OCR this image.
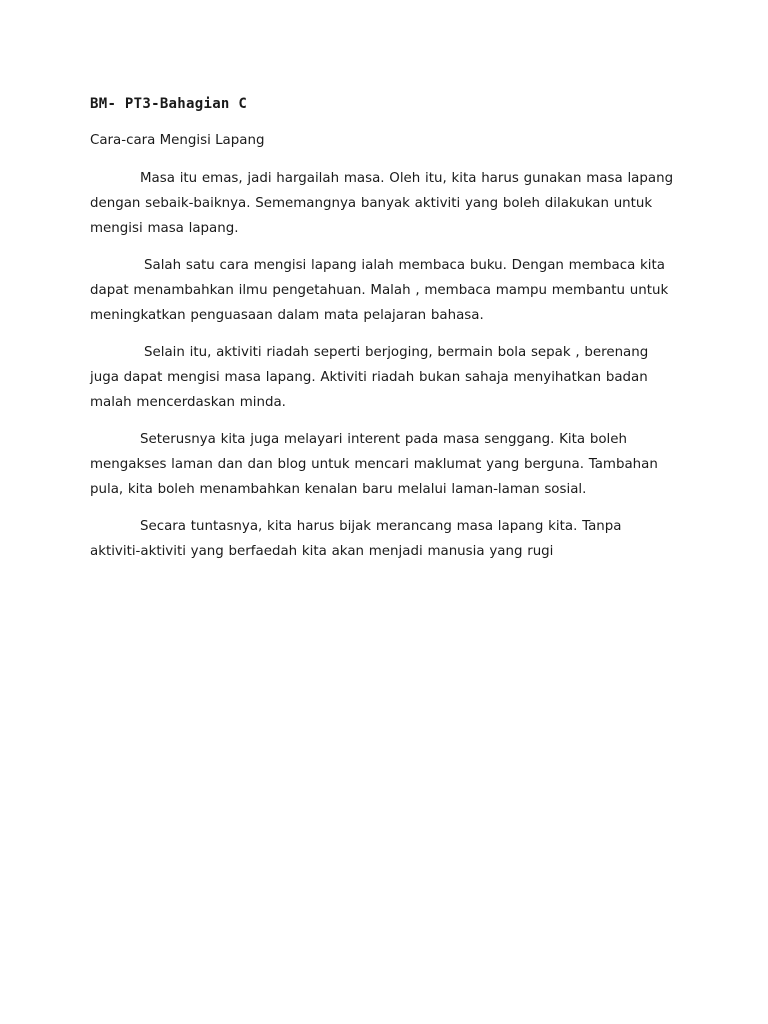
BM- PT3-Bahagian C
Cara-cara Mengisi Lapang
Masa itu emas, jadi hargailah masa. Oleh itu, kita harus gunakan masa lapang
dengan sebaik-baiknya. Sememangnya banyak aktiviti yang boleh dilakukan untuk
mengisi masa lapang.
Salah satu cara mengisi lapang ialah membaca buku. Dengan membaca kita
dapat menambahkan ilmu pengetahuan. Malah , membaca mampu membantu untuk
meningkatkan penguasaan dalam mata pelajaran bahasa.
Selain itu, aktiviti riadah seperti berjoging, bermain bola sepak , berenang
juga dapat mengisi masa lapang. Aktiviti riadah bukan sahaja menyihatkan badan
malah mencerdaskan minda.
Seterusnya kita juga melayari interent pada masa senggang. Kita boleh
mengakses laman dan dan blog untuk mencari maklumat yang berguna. Tambahan
pula, kita boleh menambahkan kenalan baru melalui laman-laman sosial.
Secara tuntasnya, kita harus bijak merancang masa lapang kita. Tanpa
aktiviti-aktiviti yang berfaedah kita akan menjadi manusia yang rugi
